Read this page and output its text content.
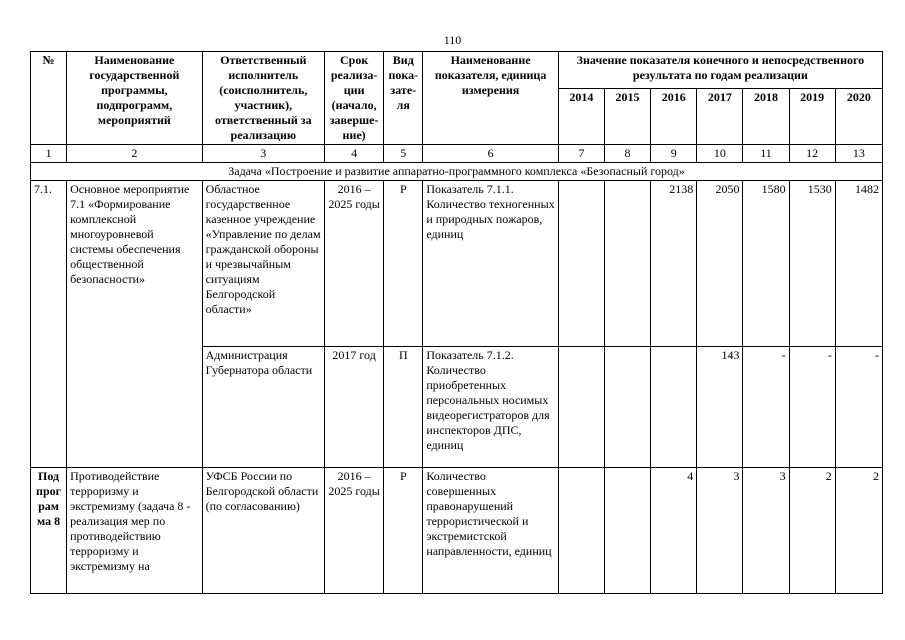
110
№	Наименование государственной программы, подпрограмм, мероприятий	Ответственный исполнитель (соисполнитель, участник), ответственный за реализацию	Срок реализа-ции (начало, заверше-ние)	Вид пока-зате-ля	Наименование показателя, единица измерения	Значение показателя конечного и непосредственного результата по годам реализации						
						2014	2015	2016	2017	2018	2019	2020
1	2	3	4	5	6	7	8	9	10	11	12	13
Задача «Построение и развитие аппаратно-программного комплекса «Безопасный город»												
7.1.	Основное мероприятие 7.1 «Формирование комплексной многоуровневой системы обеспечения общественной безопасности»	Областное государственное казенное учреждение «Управление по делам гражданской обороны и чрезвычайным ситуациям Белгородской области»	2016 – 2025 годы	Р	Показатель 7.1.1. Количество техногенных и природных пожаров, единиц			2138	2050	1580	1530	1482
		Администрация Губернатора области	2017 год	П	Показатель 7.1.2. Количество приобретенных персональных носимых видеорегистраторов для инспекторов ДПС, единиц				143	-	-	-
Под прог рам ма 8	Противодействие терроризму и экстремизму (задача 8 - реализация мер по противодействию терроризму и экстремизму на	УФСБ России по Белгородской области (по согласованию)	2016 – 2025 годы	Р	Количество совершенных правонарушений террористической и экстремистской направленности, единиц			4	3	3	2	2
